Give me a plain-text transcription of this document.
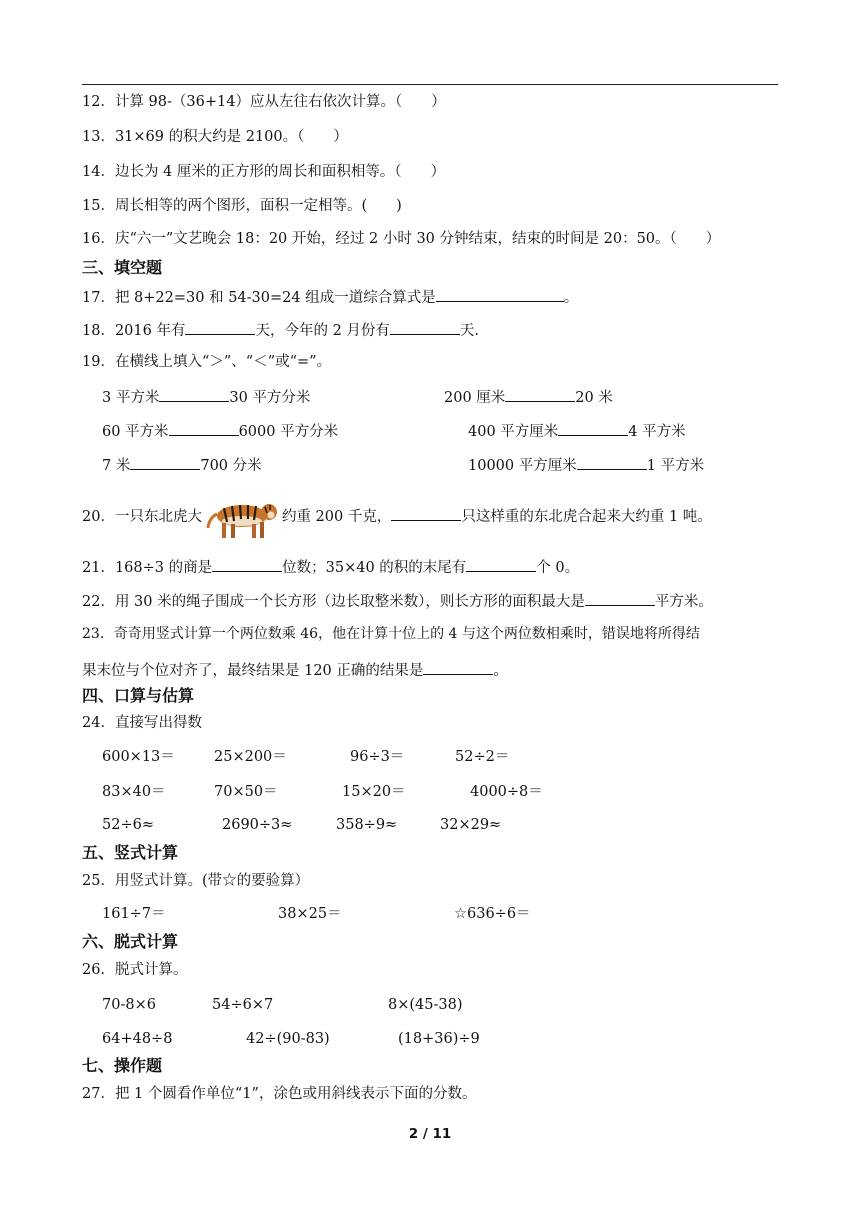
12．计算 98-（36+14）应从左往右依次计算。（　　）
13．31×69 的积大约是 2100。（　　）
14．边长为 4 厘米的正方形的周长和面积相等。（　　）
15．周长相等的两个图形，面积一定相等。(　　)
16．庆“六一”文艺晚会 18：20 开始，经过 2 小时 30 分钟结束，结束的时间是 20：50。（　　）
三、填空题
17．把 8+22=30 和 54-30=24 组成一道综合算式是	。
18．2016 年有	天，今年的 2 月份有	天.
19．在横线上填入“＞”、“＜”或“=”。
3 平方米	30 平方分米	200 厘米	20 米
60 平方米	6000 平方分米	400 平方厘米	4 平方米
7 米	700 分米	10000 平方厘米	1 平方米
20．一只东北虎大	约重 200 千克，	只这样重的东北虎合起来大约重 1 吨。
21．168÷3 的商是	位数；35×40 的积的末尾有	个 0。
22．用 30 米的绳子围成一个长方形（边长取整米数），则长方形的面积最大是	平方米。
23．奇奇用竖式计算一个两位数乘 46，他在计算十位上的 4 与这个两位数相乘时，错误地将所得结
果末位与个位对齐了，最终结果是 120 正确的结果是	。
四、口算与估算
24．直接写出得数
600×13＝	25×200＝	96÷3＝	52÷2＝
83×40＝	70×50＝	15×20＝	4000÷8＝
52÷6≈	2690÷3≈	358÷9≈	32×29≈
五、竖式计算
25．用竖式计算。(带☆的要验算）
161÷7＝	38×25＝	☆636÷6＝
六、脱式计算
26．脱式计算。
70-8×6	54÷6×7	8×(45-38)
64+48÷8	42÷(90-83)	(18+36)÷9
七、操作题
27．把 1 个圆看作单位“1”，涂色或用斜线表示下面的分数。
2 / 11
